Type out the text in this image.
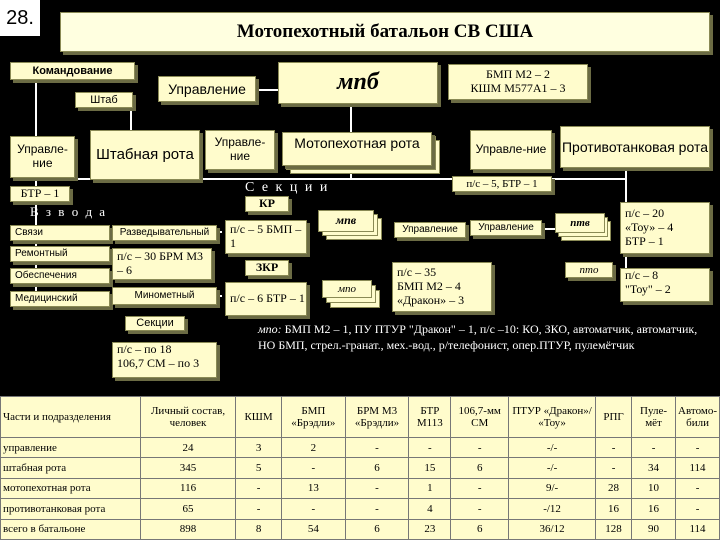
28.
Мотопехотный батальон СВ США
Командование
Штаб
Управление	мпб	БМП М2 – 2
КШМ М577А1 – 3
Управле-ние	Штабная рота
БТР – 1
В з в о д а
Связи
Ремонтный
Обеспечения
Медицинский
Разведывательный
п/с – 30 БРМ М3 – 6
Минометный
Секции
п/с – по 18
106,7 СМ – по 3
Управле-ние
Мотопехотная рота
С е к ц и и
КР
п/с – 5 БМП – 1
ЗКР
п/с – 6 БТР – 1
мпв
Управление
мпо
п/с – 35
БМП М2 – 4
«Дракон» – 3
Управле-ние	Противотанковая рота
п/с – 5, БТР – 1
Управление	птв
п/с – 20
«Тоу» – 4
БТР – 1
пто	п/с – 8
"Тоу" – 2
мпо: БМП М2 – 1, ПУ ПТУР "Дракон" – 1, п/с –10: КО, ЗКО, автоматчик, автоматчик, НО БМП, стрел.-гранат., мех.-вод., р/телефонист, опер.ПТУР, пулемётчик
Части и подразделения	Личный состав, человек	КШМ	БМП «Брэдли»	БРМ М3 «Брэдли»	БТР М113	106,7-мм СМ	ПТУР «Дракон»/ «Тоу»	РПГ	Пуле-мёт	Автомо-били
управление	24	3	2	-	-	-	-/-	-	-	-
штабная рота	345	5	-	6	15	6	-/-	-	34	114
мотопехотная рота	116	-	13	-	1	-	9/-	28	10	-
противотанковая рота	65	-	-	-	4	-	-/12	16	16	-
всего в батальоне	898	8	54	6	23	6	36/12	128	90	114
